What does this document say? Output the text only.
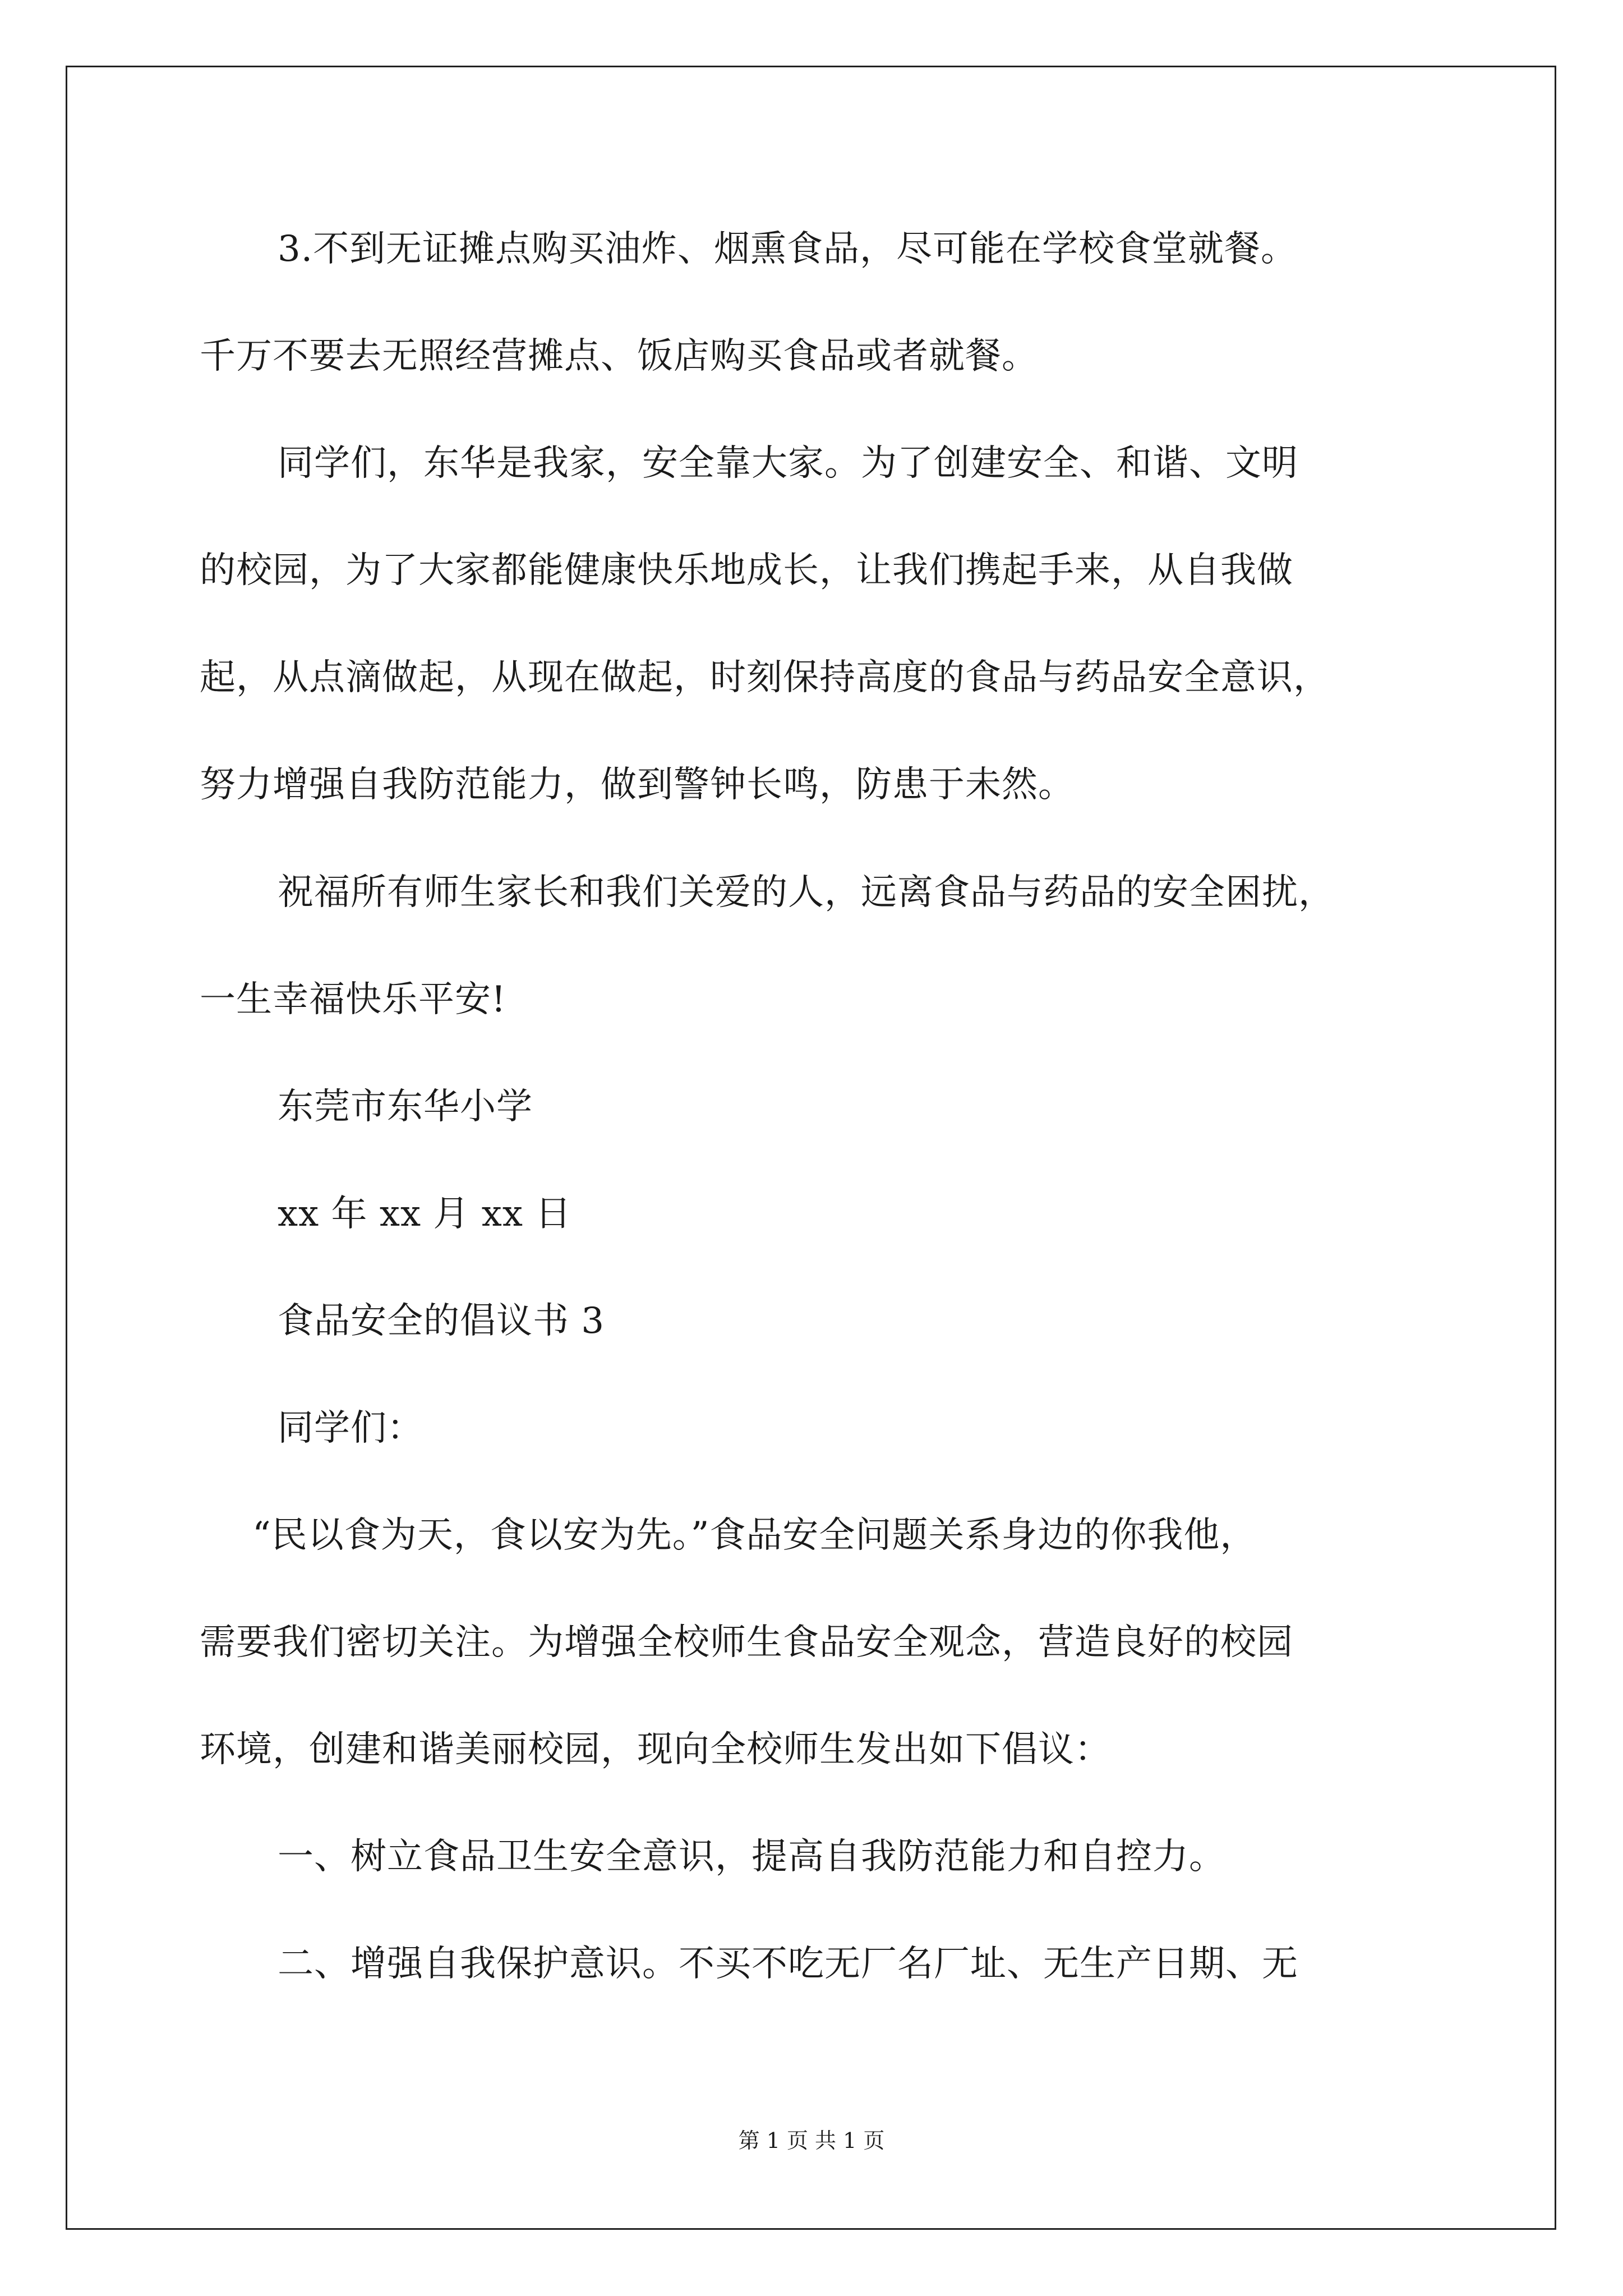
3.不到无证摊点购买油炸、烟熏食品，尽可能在学校食堂就餐。
千万不要去无照经营摊点、饭店购买食品或者就餐。
同学们，东华是我家，安全靠大家。为了创建安全、和谐、文明
的校园，为了大家都能健康快乐地成长，让我们携起手来，从自我做
起，从点滴做起，从现在做起，时刻保持高度的食品与药品安全意识，
努力增强自我防范能力，做到警钟长鸣，防患于未然。
祝福所有师生家长和我们关爱的人，远离食品与药品的安全困扰，
一生幸福快乐平安!
东莞市东华小学
xx 年 xx 月 xx 日
食品安全的倡议书 3
同学们：
“民以食为天，食以安为先。”食品安全问题关系身边的你我他，
需要我们密切关注。为增强全校师生食品安全观念，营造良好的校园
环境，创建和谐美丽校园，现向全校师生发出如下倡议：
一、树立食品卫生安全意识，提高自我防范能力和自控力。
二、增强自我保护意识。不买不吃无厂名厂址、无生产日期、无
第 1 页 共 1 页
